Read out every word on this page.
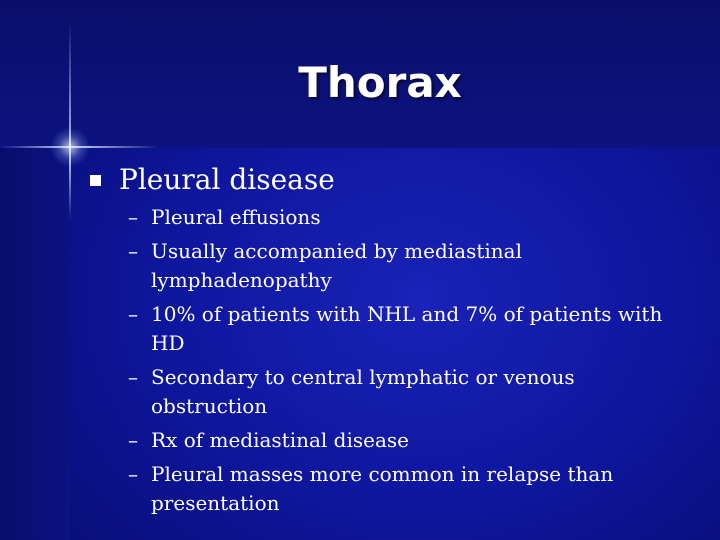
Thorax

Pleural disease

– Pleural effusions
– Usually accompanied by mediastinal lymphadenopathy
– 10% of patients with NHL and 7% of patients with HD
– Secondary to central lymphatic or venous obstruction
– Rx of mediastinal disease
– Pleural masses more common in relapse than presentation
